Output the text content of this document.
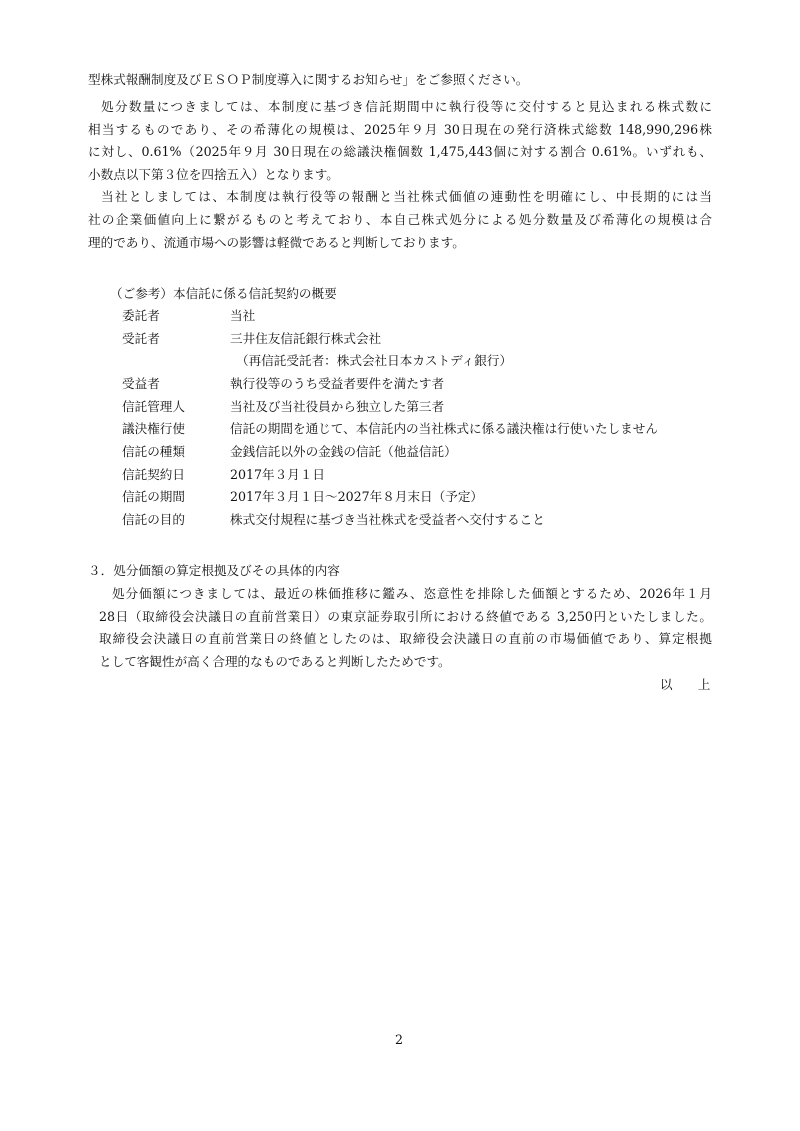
型株式報酬制度及びＥＳＯＰ制度導入に関するお知らせ」をご参照ください。
処分数量につきましては、本制度に基づき信託期間中に執行役等に交付すると見込まれる株式数に
相当するものであり、その希薄化の規模は、2025年９月 30日現在の発行済株式総数 148,990,296株
に対し、0.61%（2025年９月 30日現在の総議決権個数 1,475,443個に対する割合 0.61%。いずれも、
小数点以下第３位を四捨五入）となります。
当社としましては、本制度は執行役等の報酬と当社株式価値の連動性を明確にし、中長期的には当
社の企業価値向上に繋がるものと考えており、本自己株式処分による処分数量及び希薄化の規模は合
理的であり、流通市場への影響は軽微であると判断しております。
（ご参考）本信託に係る信託契約の概要
委託者	当社
受託者	三井住友信託銀行株式会社
（再信託受託者：株式会社日本カストディ銀行）
受益者	執行役等のうち受益者要件を満たす者
信託管理人	当社及び当社役員から独立した第三者
議決権行使	信託の期間を通じて、本信託内の当社株式に係る議決権は行使いたしません
信託の種類	金銭信託以外の金銭の信託（他益信託）
信託契約日	2017年３月１日
信託の期間	2017年３月１日～2027年８月末日（予定）
信託の目的	株式交付規程に基づき当社株式を受益者へ交付すること
３．処分価額の算定根拠及びその具体的内容
処分価額につきましては、最近の株価推移に鑑み、恣意性を排除した価額とするため、2026年１月
28日（取締役会決議日の直前営業日）の東京証券取引所における終値である 3,250円といたしました。
取締役会決議日の直前営業日の終値としたのは、取締役会決議日の直前の市場価値であり、算定根拠
として客観性が高く合理的なものであると判断したためです。
以　　上
2
